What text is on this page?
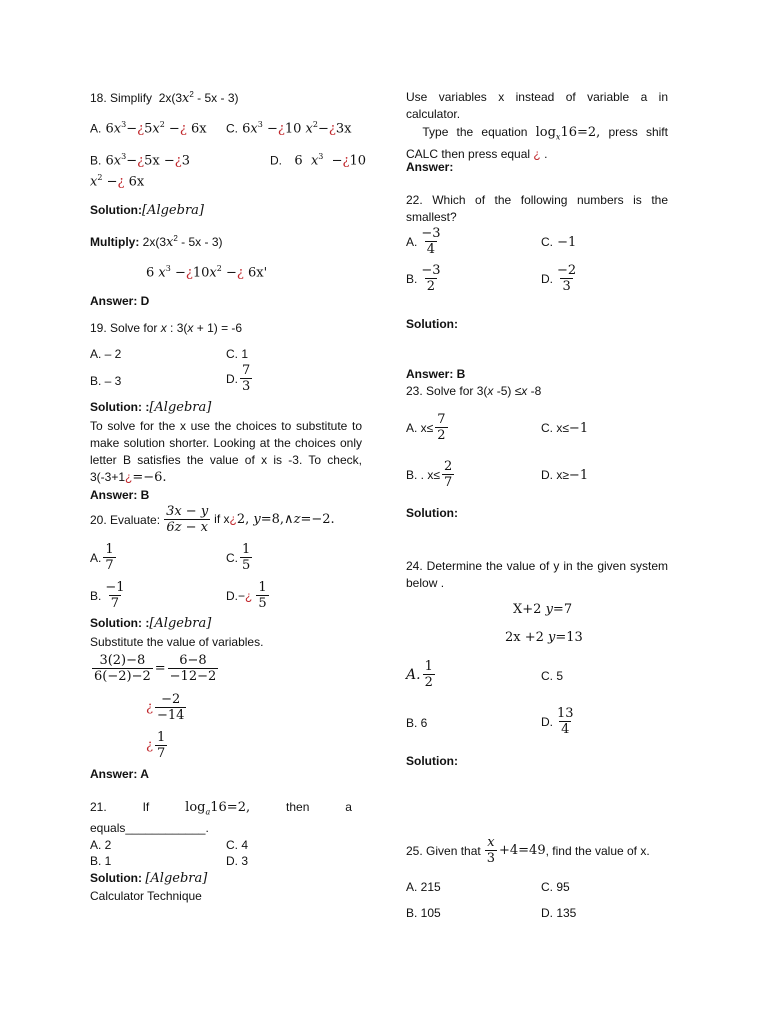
18. Simplify  $2x(3x^2 - 5x - 3)$
A. $6x^3-¿5x^2$ −¿ 6x C. $6x^3$ −¿10 $x^2-¿3x$
B. $6x^3-¿5x$ −¿3	D.   6  $x^3$  −¿10
$x^2$ −¿ 6x
Solution:[Algebra]
Multiply: $2x(3x^2 - 5x - 3)$
6 $x^3$ $-¿10x^2$ −¿ 6x'
Answer: D
19. Solve for x : 3(x + 1) = -6
A. – 2	C. 1
B. – 3	D. $\frac{7}{3}$
Solution: :[Algebra]
To solve for the x use the choices to substitute to make solution shorter. Looking at the choices only letter B satisfies the value of x is -3. To check, 3(-3+1¿=−6.
Answer: B
20. Evaluate: $\frac{3x - y}{6z - x}$ if x¿2, y=8,∧z=−2.
A. $\frac{1}{7}$	C. $\frac{1}{5}$
B. $\frac{-1}{7}$	D.−¿ $\frac{1}{5}$
Solution: :[Algebra]
Substitute the value of variables.
$\frac{3(2)-8}{6(-2)-2} = \frac{6-8}{-12-2}$
¿ $\frac{-2}{-14}$
¿ $\frac{1}{7}$
Answer: A
21.	If	$\log_a16=2$,	then	a
equals____________.
A. 2	C. 4
B. 1	D. 3
Solution: [Algebra]
Calculator Technique
Use variables x instead of variable a in calculator.
Type the equation $\log_x16=2$, press shift CALC then press equal ¿ .
Answer:
22. Which of the following numbers is the smallest?
A. $\frac{-3}{4}$	C. −1
B. $\frac{-3}{2}$	D. $\frac{-2}{3}$
Solution:
Answer: B
23. Solve for 3(x -5) ≤x -8
A. $x\le \frac{7}{2}$	C. x≤−1
B. . $x\le \frac{2}{7}$	D. x≥−1
Solution:
24. Determine the value of y in the given system below .
X+2 y=7
2x +2 y=13
A. $\frac{1}{2}$	C. 5
B. 6	D. $\frac{13}{4}$
Solution:
25. Given that $\frac{x}{3} +4=49$ , find the value of x.
A. 215	C. 95
B. 105	D. 135
